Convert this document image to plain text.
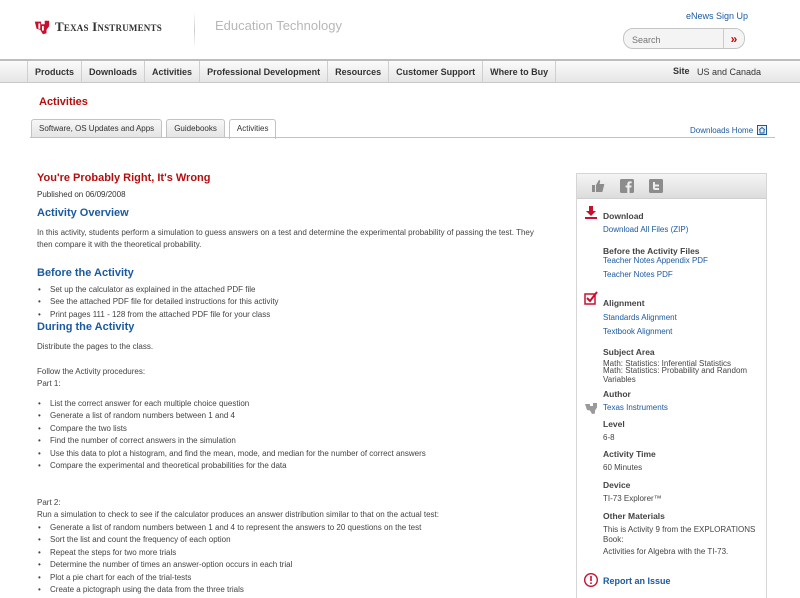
Texas Instruments	Education Technology
eNews Sign Up
Search
»
Products	Downloads	Activities	Professional Development	Resources	Customer Support	Where to Buy	Site US and Canada
Activities
Software, OS Updates and Apps	Guidebooks	Activities	Downloads Home
You're Probably Right, It's Wrong
Published on 06/09/2008
Activity Overview
In this activity, students perform a simulation to guess answers on a test and determine the experimental probability of passing the test. They then compare it with the theoretical probability.
Before the Activity
• Set up the calculator as explained in the attached PDF file
• See the attached PDF file for detailed instructions for this activity
• Print pages 111 - 128 from the attached PDF file for your class
During the Activity
Distribute the pages to the class.
Follow the Activity procedures:
Part 1:
• List the correct answer for each multiple choice question
• Generate a list of random numbers between 1 and 4
• Compare the two lists
• Find the number of correct answers in the simulation
• Use this data to plot a histogram, and find the mean, mode, and median for the number of correct answers
• Compare the experimental and theoretical probabilities for the data
Part 2:
Run a simulation to check to see if the calculator produces an answer distribution similar to that on the actual test:
• Generate a list of random numbers between 1 and 4 to represent the answers to 20 questions on the test
• Sort the list and count the frequency of each option
• Repeat the steps for two more trials
• Determine the number of times an answer-option occurs in each trial
• Plot a pie chart for each of the trial-tests
• Create a pictograph using the data from the three trials
Download
Download All Files (ZIP)
Before the Activity Files
Teacher Notes Appendix PDF
Teacher Notes PDF
Alignment
Standards Alignment
Textbook Alignment
Subject Area
Math: Statistics: Inferential Statistics
Math: Statistics: Probability and Random Variables
Author
Texas Instruments
Level
6-8
Activity Time
60 Minutes
Device
TI-73 Explorer™
Other Materials
This is Activity 9 from the EXPLORATIONS Book:
Activities for Algebra with the TI-73.
Report an Issue
